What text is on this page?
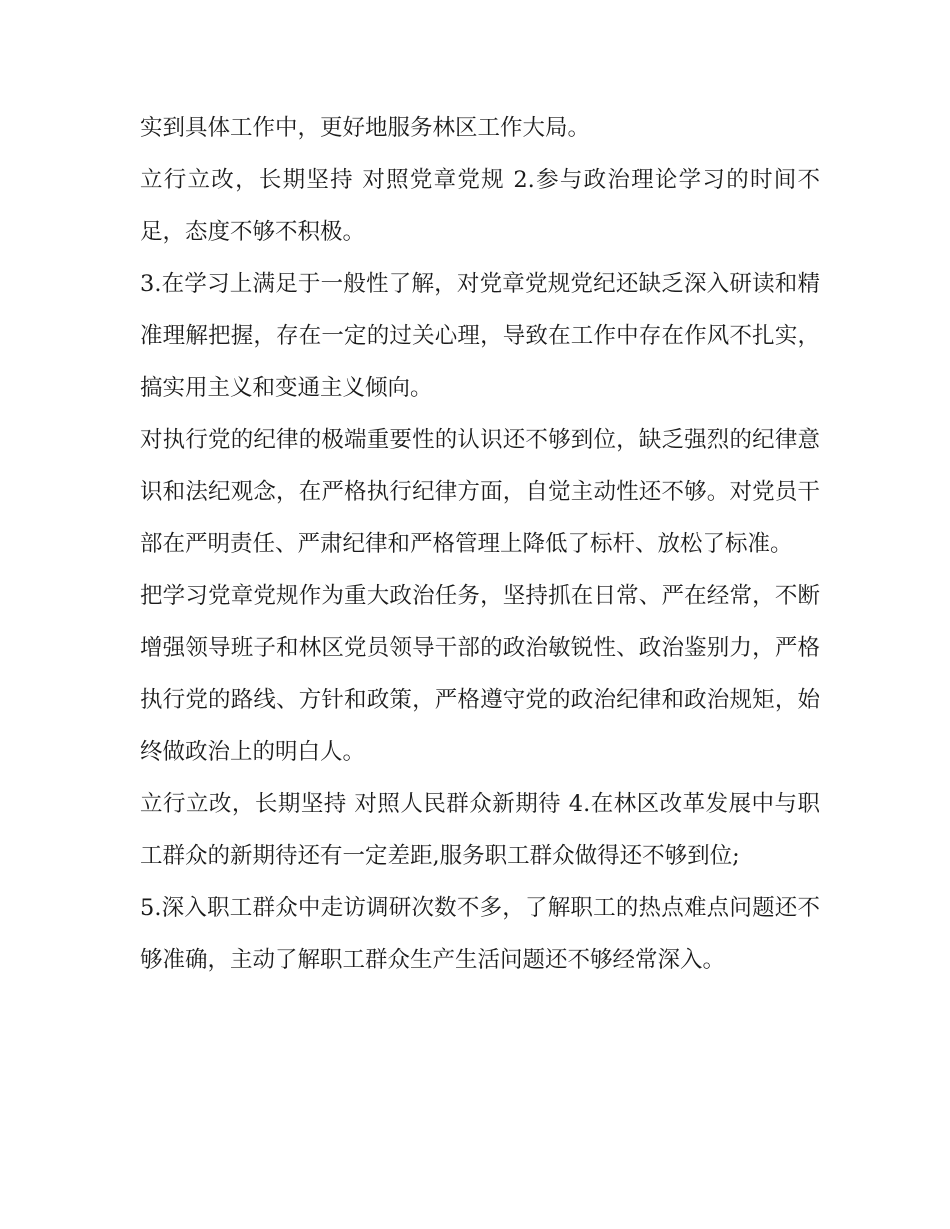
实到具体工作中，更好地服务林区工作大局。

立行立改，长期坚持 对照党章党规 2.参与政治理论学习的时间不足，态度不够不积极。

3.在学习上满足于一般性了解，对党章党规党纪还缺乏深入研读和精准理解把握，存在一定的过关心理，导致在工作中存在作风不扎实，搞实用主义和变通主义倾向。

对执行党的纪律的极端重要性的认识还不够到位，缺乏强烈的纪律意识和法纪观念，在严格执行纪律方面，自觉主动性还不够。对党员干部在严明责任、严肃纪律和严格管理上降低了标杆、放松了标准。

把学习党章党规作为重大政治任务，坚持抓在日常、严在经常，不断增强领导班子和林区党员领导干部的政治敏锐性、政治鉴别力，严格执行党的路线、方针和政策，严格遵守党的政治纪律和政治规矩，始终做政治上的明白人。

立行立改，长期坚持 对照人民群众新期待 4.在林区改革发展中与职工群众的新期待还有一定差距,服务职工群众做得还不够到位;

5.深入职工群众中走访调研次数不多，了解职工的热点难点问题还不够准确，主动了解职工群众生产生活问题还不够经常深入。
